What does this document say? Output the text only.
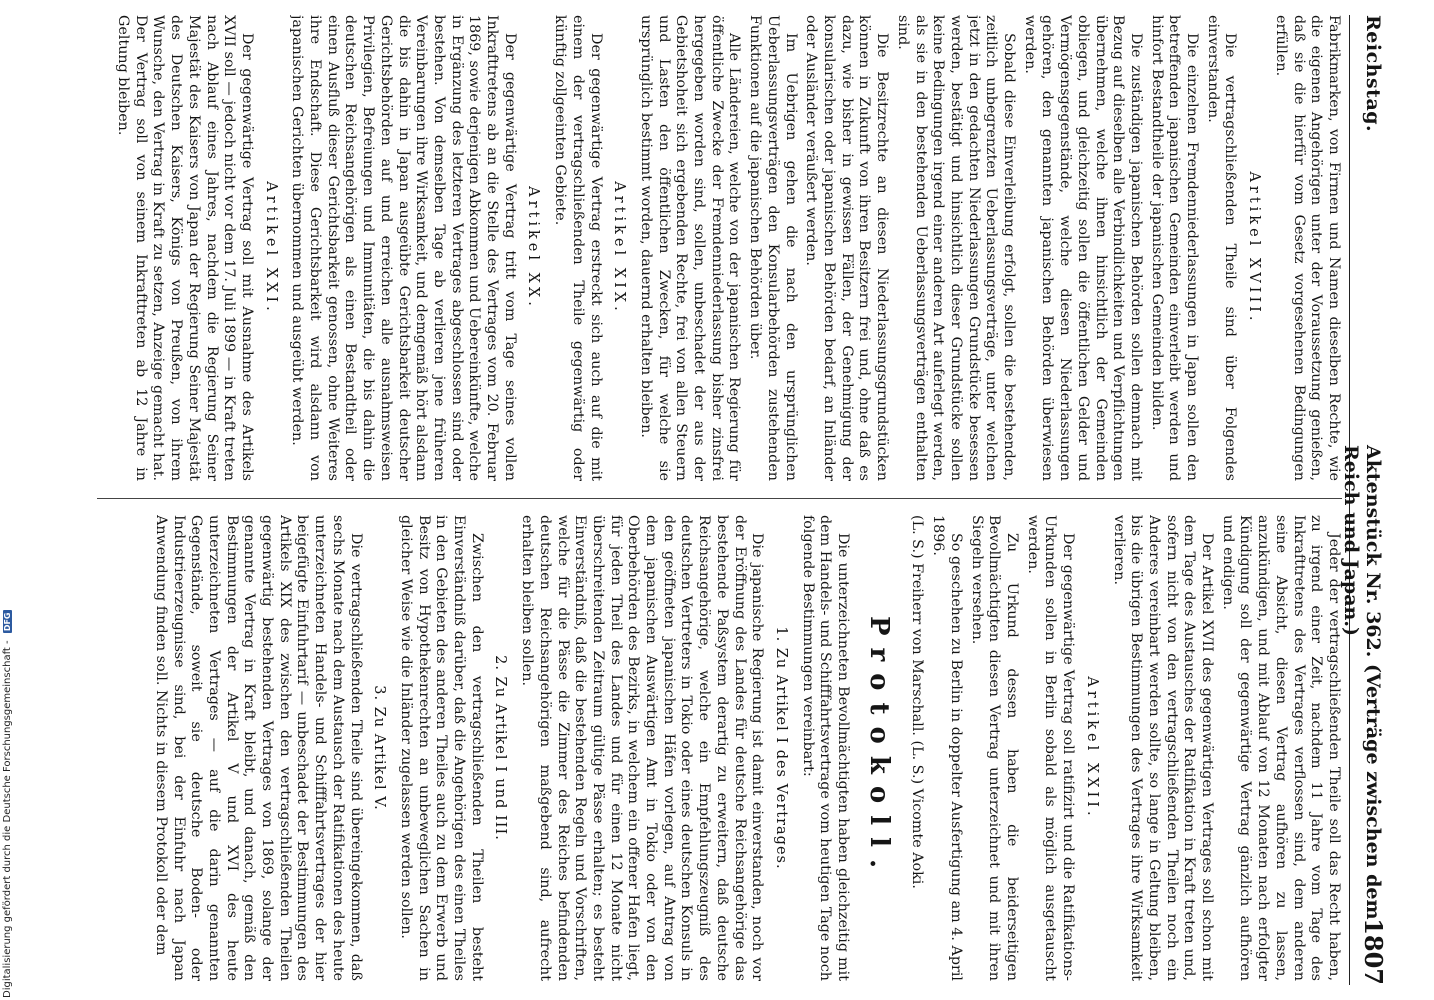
Reichstag.
Aktenstück Nr. 362. (Verträge zwischen dem Reich und Japan.)
1807

Fabrikmarken, von Firmen und Namen dieselben Rechte, wie die eigenen Angehörigen unter der Voraussetzung genießen, daß sie die hierfür vom Gesetz vorgesehenen Bedingungen erfüllen.

Artikel XVIII.

Die vertragschließenden Theile sind über Folgendes einverstanden.

Die einzelnen Fremdenniederlassungen in Japan sollen den betreffenden japanischen Gemeinden einverleibt werden und hinfort Bestandtheile der japanischen Gemeinden bilden.

Die zuständigen japanischen Behörden sollen demnach mit Bezug auf dieselben alle Verbindlichkeiten und Verpflichtungen übernehmen, welche ihnen hinsichtlich der Gemeinden obliegen, und gleichzeitig sollen die öffentlichen Gelder und Vermögensgegenstände, welche diesen Niederlassungen gehören, den genannten japanischen Behörden überwiesen werden.

Sobald diese Einverleibung erfolgt, sollen die bestehenden, zeitlich unbegrenzten Ueberlassungsverträge, unter welchen jetzt in den gedachten Niederlassungen Grundstücke besessen werden, bestätigt und hinsichtlich dieser Grundstücke sollen keine Bedingungen irgend einer anderen Art auferlegt werden, als sie in den bestehenden Ueberlassungsverträgen enthalten sind.

Die Besitzrechte an diesen Niederlassungsgrundstücken können in Zukunft von ihren Besitzern frei und, ohne daß es dazu, wie bisher in gewissen Fällen, der Genehmigung der konsularischen oder japanischen Behörden bedarf, an Inländer oder Ausländer veräußert werden.

Im Uebrigen gehen die nach den ursprünglichen Ueberlassungsverträgen den Konsularbehörden zustehenden Funktionen auf die japanischen Behörden über.

Alle Ländereien, welche von der japanischen Regierung für öffentliche Zwecke der Fremdenniederlassung bisher zinsfrei hergegeben worden sind, sollen, unbeschadet der aus der Gebietshoheit sich ergebenden Rechte, frei von allen Steuern und Lasten den öffentlichen Zwecken, für welche sie ursprünglich bestimmt worden, dauernd erhalten bleiben.

Artikel XIX.

Der gegenwärtige Vertrag erstreckt sich auch auf die mit einem der vertragschließenden Theile gegenwärtig oder künftig zollgeeinten Gebiete.

Artikel XX.

Der gegenwärtige Vertrag tritt vom Tage seines vollen Inkrafttretens ab an die Stelle des Vertrages vom 20. Februar 1869, sowie derjenigen Abkommen und Uebereinkünfte, welche in Ergänzung des letzteren Vertrages abgeschlossen sind oder bestehen. Von demselben Tage ab verlieren jene früheren Vereinbarungen ihre Wirksamkeit, und demgemäß hört alsdann die bis dahin in Japan ausgeübte Gerichtsbarkeit deutscher Gerichtsbehörden auf und erreichen alle ausnahmsweisen Privilegien, Befreiungen und Immunitäten, die bis dahin die deutschen Reichsangehörigen als einen Bestandtheil oder einen Ausfluß dieser Gerichtsbarkeit genossen, ohne Weiteres ihre Endschaft. Diese Gerichtsbarkeit wird alsdann von japanischen Gerichten übernommen und ausgeübt werden.

Artikel XXI.

Der gegenwärtige Vertrag soll mit Ausnahme des Artikels XVII soll — jedoch nicht vor dem 17. Juli 1899 — in Kraft treten nach Ablauf eines Jahres, nachdem die Regierung Seiner Majestät des Kaisers von Japan der Regierung Seiner Majestät des Deutschen Kaisers, Königs von Preußen, von ihrem Wunsche, den Vertrag in Kraft zu setzen, Anzeige gemacht hat. Der Vertrag soll von seinem Inkrafttreten ab 12 Jahre in Geltung bleiben.

Jeder der vertragschließenden Theile soll das Recht haben, zu irgend einer Zeit, nachdem 11 Jahre vom Tage des Inkrafttretens des Vertrages verflossen sind, dem anderen seine Absicht, diesen Vertrag aufhören zu lassen, anzukündigen, und mit Ablauf von 12 Monaten nach erfolgter Kündigung soll der gegenwärtige Vertrag gänzlich aufhören und endigen.

Der Artikel XVII des gegenwärtigen Vertrages soll schon mit dem Tage des Austausches der Ratifikation in Kraft treten und, sofern nicht von den vertragschließenden Theilen noch ein Anderes vereinbart werden sollte, so lange in Geltung bleiben, bis die übrigen Bestimmungen des Vertrages ihre Wirksamkeit verlieren.

Artikel XXII.

Der gegenwärtige Vertrag soll ratifizirt und die Ratifikations-Urkunden sollen in Berlin sobald als möglich ausgetauscht werden.

Zu Urkund dessen haben die beiderseitigen Bevollmächtigten diesen Vertrag unterzeichnet und mit ihren Siegeln versehen.

So geschehen zu Berlin in doppelter Ausfertigung am 4. April 1896.

(L. S.) Freiherr von Marschall. (L. S.) Vicomte Aoki.

Protokoll.

Die unterzeichneten Bevollmächtigten haben gleichzeitig mit dem Handels- und Schifffahrtsvertrage vom heutigen Tage noch folgende Bestimmungen vereinbart:

1. Zu Artikel I des Vertrages.

Die japanische Regierung ist damit einverstanden, noch vor der Eröffnung des Landes für deutsche Reichsangehörige das bestehende Paßsystem derartig zu erweitern, daß deutsche Reichsangehörige, welche ein Empfehlungszeugniß des deutschen Vertreters in Tokio oder eines deutschen Konsuls in den geöffneten japanischen Häfen vorlegen, auf Antrag von dem japanischen Auswärtigen Amt in Tokio oder von den Oberbehörden des Bezirks, in welchem ein offener Hafen liegt, für jeden Theil des Landes und für einen 12 Monate nicht überschreitenden Zeitraum gültige Pässe erhalten; es besteht Einverständniß, daß die bestehenden Regeln und Vorschriften, welche für die Pässe die Zimmer des Reiches befindenden deutschen Reichsangehörigen maßgebend sind, aufrecht erhalten bleiben sollen.

2. Zu Artikel I und III.

Zwischen den vertragschließenden Theilen besteht Einverständniß darüber, daß die Angehörigen des einen Theiles in den Gebieten des anderen Theiles auch zu dem Erwerb und Besitz von Hypothekenrechten an unbeweglichen Sachen in gleicher Weise wie die Inländer zugelassen werden sollen.

3. Zu Artikel V.

Die vertragschließenden Theile sind übereingekommen, daß sechs Monate nach dem Austausch der Ratifikationen des heute unterzeichneten Handels- und Schifffahrtsvertrages der hier beigefügte Einfuhrtarif — unbeschadet der Bestimmungen des Artikels XIX des zwischen den vertragschließenden Theilen gegenwärtig bestehenden Vertrages von 1869, solange der genannte Vertrag in Kraft bleibt, und danach, gemäß den Bestimmungen der Artikel V und XVI des heute unterzeichneten Vertrages — auf die darin genannten Gegenstände, soweit sie deutsche Boden- oder Industrieerzeugnisse sind, bei der Einfuhr nach Japan Anwendung finden soll. Nichts in diesem Protokoll oder dem

Digitalisierung gefördert durch die Deutsche Forschungsgemeinschaft - DFG
